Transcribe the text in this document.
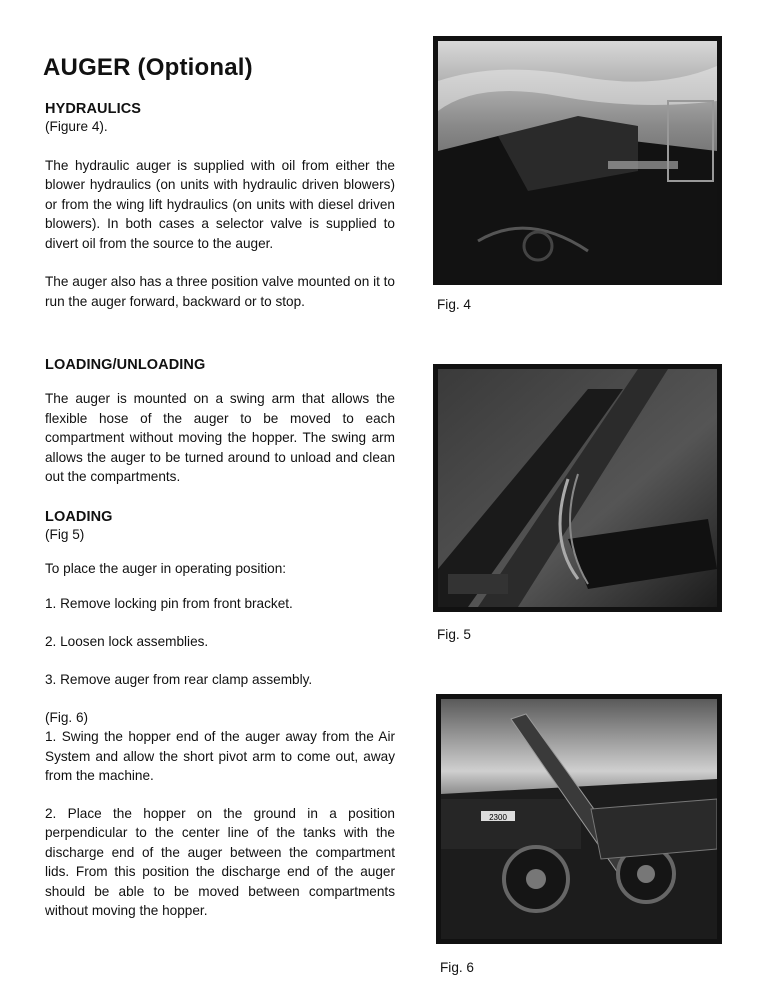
AUGER (Optional)
HYDRAULICS
(Figure 4).

The hydraulic auger is supplied with oil from either the blower hydraulics (on units with hydraulic driven blowers) or from the wing lift hydraulics (on units with diesel driven blowers). In both cases a selector valve is supplied to divert oil from the source to the auger.

The auger also has a three position valve mounted on it to run the auger forward, backward or to stop.

LOADING/UNLOADING

The auger is mounted on a swing arm that allows the flexible hose of the auger to be moved to each compartment without moving the hopper. The swing arm allows the auger to be turned around to unload and clean out the compartments.

LOADING
(Fig 5)

To place the auger in operating position:

1. Remove locking pin from front bracket.
2. Loosen lock assemblies.
3. Remove auger from rear clamp assembly.
(Fig. 6)

1. Swing the hopper end of the auger away from the Air System and allow the short pivot arm to come out, away from the machine.

2. Place the hopper on the ground in a position perpendicular to the center line of the tanks with the discharge end of the auger between the compartment lids. From this position the discharge end of the auger should be able to be moved between compartments without moving the hopper.

Fig. 4
Fig. 5
2300
Fig. 6
